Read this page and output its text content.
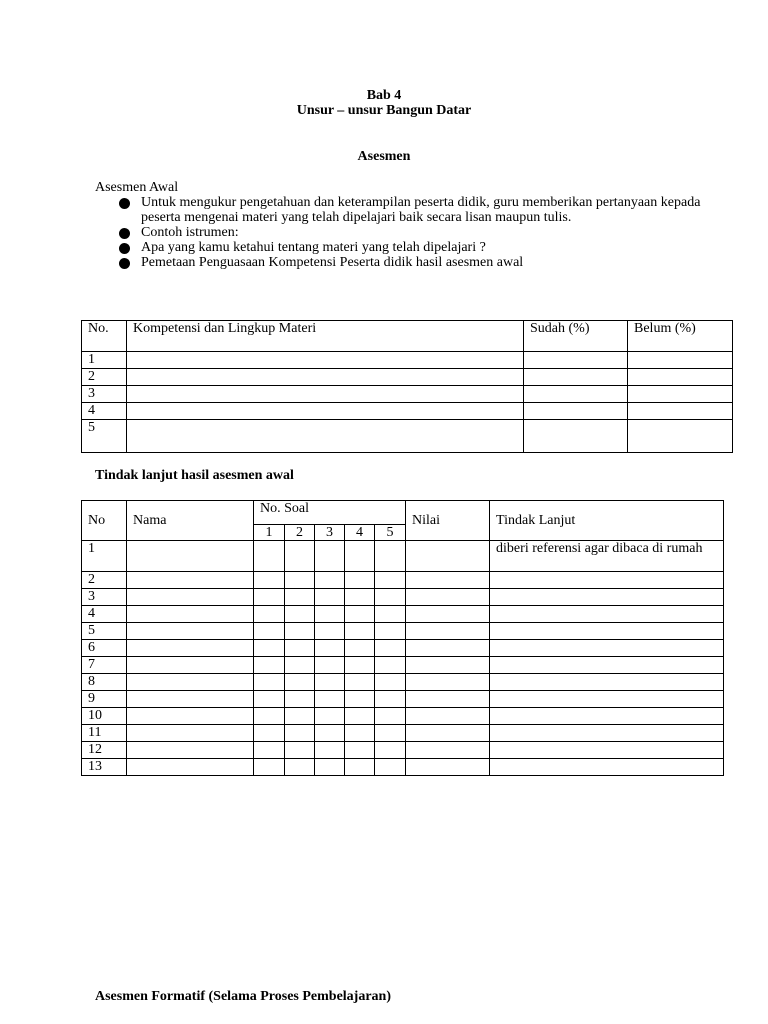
Bab 4
Unsur – unsur Bangun Datar
Asesmen
Asesmen Awal
Untuk mengukur pengetahuan dan keterampilan peserta didik, guru memberikan pertanyaan kepada
peserta mengenai materi yang telah dipelajari baik secara lisan maupun tulis.
Contoh istrumen:
Apa yang kamu ketahui tentang materi yang telah dipelajari ?
Pemetaan Penguasaan Kompetensi Peserta didik hasil asesmen awal
No.	Kompetensi dan Lingkup Materi	Sudah (%)	Belum (%)
1			
2			
3			
4			
5			
Tindak lanjut hasil asesmen awal
No	Nama	No. Soal					Nilai	Tindak Lanjut
		1	2	3	4	5		
1								diberi referensi agar dibaca di rumah
2								
3								
4								
5								
6								
7								
8								
9								
10								
11								
12								
13								
Asesmen Formatif (Selama Proses Pembelajaran)
